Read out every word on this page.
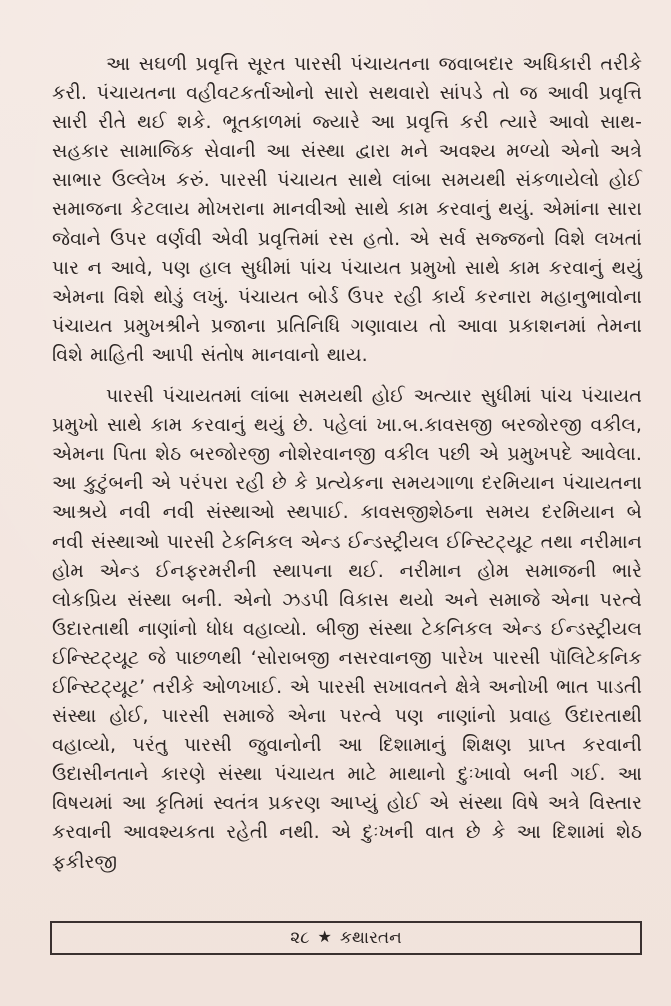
આ સઘળી પ્રવૃત્તિ સૂરત પારસી પંચાયતના જવાબદાર અધિકારી તરીકે કરી. પંચાયતના વહીવટકર્તાઓનો સારો સથવારો સાંપડે તો જ આવી પ્રવૃત્તિ સારી રીતે થઈ શકે. ભૂતકાળમાં જ્યારે આ પ્રવૃત્તિ કરી ત્યારે આવો સાથ-સહકાર સામાજિક સેવાની આ સંસ્થા દ્વારા મને અવશ્ય મળ્યો એનો અત્રે સાભાર ઉલ્લેખ કરું. પારસી પંચાયત સાથે લાંબા સમયથી સંકળાયેલો હોઈ સમાજના કેટલાય મોખરાના માનવીઓ સાથે કામ કરવાનું થયું. એમાંના સારા જેવાને ઉપર વર્ણવી એવી પ્રવૃત્તિમાં રસ હતો. એ સર્વ સજ્જનો વિશે લખતાં પાર ન આવે, પણ હાલ સુધીમાં પાંચ પંચાયત પ્રમુખો સાથે કામ કરવાનું થયું એમના વિશે થોડું લખું. પંચાયત બોર્ડ ઉપર રહી કાર્ય કરનારા મહાનુભાવોના પંચાયત પ્રમુખશ્રીને પ્રજાના પ્રતિનિધિ ગણાવાય તો આવા પ્રકાશનમાં તેમના વિશે માહિતી આપી સંતોષ માનવાનો થાય.

પારસી પંચાયતમાં લાંબા સમયથી હોઈ અત્યાર સુધીમાં પાંચ પંચાયત પ્રમુખો સાથે કામ કરવાનું થયું છે. પહેલાં ખા.બ.કાવસજી બરજોરજી વકીલ, એમના પિતા શેઠ બરજોરજી નોશેરવાનજી વકીલ પછી એ પ્રમુખપદે આવેલા. આ કુટુંબની એ પરંપરા રહી છે કે પ્રત્યેકના સમયગાળા દરમિયાન પંચાયતના આશ્રયે નવી નવી સંસ્થાઓ સ્થપાઈ. કાવસજીશેઠના સમય દરમિયાન બે નવી સંસ્થાઓ પારસી ટેકનિકલ એન્ડ ઈન્ડસ્ટ્રીયલ ઈન્સ્ટિટ્યૂટ તથા નરીમાન હોમ એન્ડ ઈનફરમરીની સ્થાપના થઈ. નરીમાન હોમ સમાજની ભારે લોકપ્રિય સંસ્થા બની. એનો ઝડપી વિકાસ થયો અને સમાજે એના પરત્વે ઉદારતાથી નાણાંનો ધોધ વહાવ્યો. બીજી સંસ્થા ટેકનિકલ એન્ડ ઈન્ડસ્ટ્રીયલ ઈન્સ્ટિટ્યૂટ જે પાછળથી ‘સોરાબજી નસરવાનજી પારેખ પારસી પૉલિટેકનિક ઈન્સ્ટિટ્યૂટ’ તરીકે ઓળખાઈ. એ પારસી સખાવતને ક્ષેત્રે અનોખી ભાત પાડતી સંસ્થા હોઈ, પારસી સમાજે એના પરત્વે પણ નાણાંનો પ્રવાહ ઉદારતાથી વહાવ્યો, પરંતુ પારસી જુવાનોની આ દિશામાનું શિક્ષણ પ્રાપ્ત કરવાની ઉદાસીનતાને કારણે સંસ્થા પંચાયત માટે માથાનો દુઃખાવો બની ગઈ. આ વિષયમાં આ કૃતિમાં સ્વતંત્ર પ્રકરણ આપ્યું હોઈ એ સંસ્થા વિષે અત્રે વિસ્તાર કરવાની આવશ્યકતા રહેતી નથી. એ દુઃખની વાત છે કે આ દિશામાં શેઠ ફકીરજી

૨૮ ★ કથારતન
